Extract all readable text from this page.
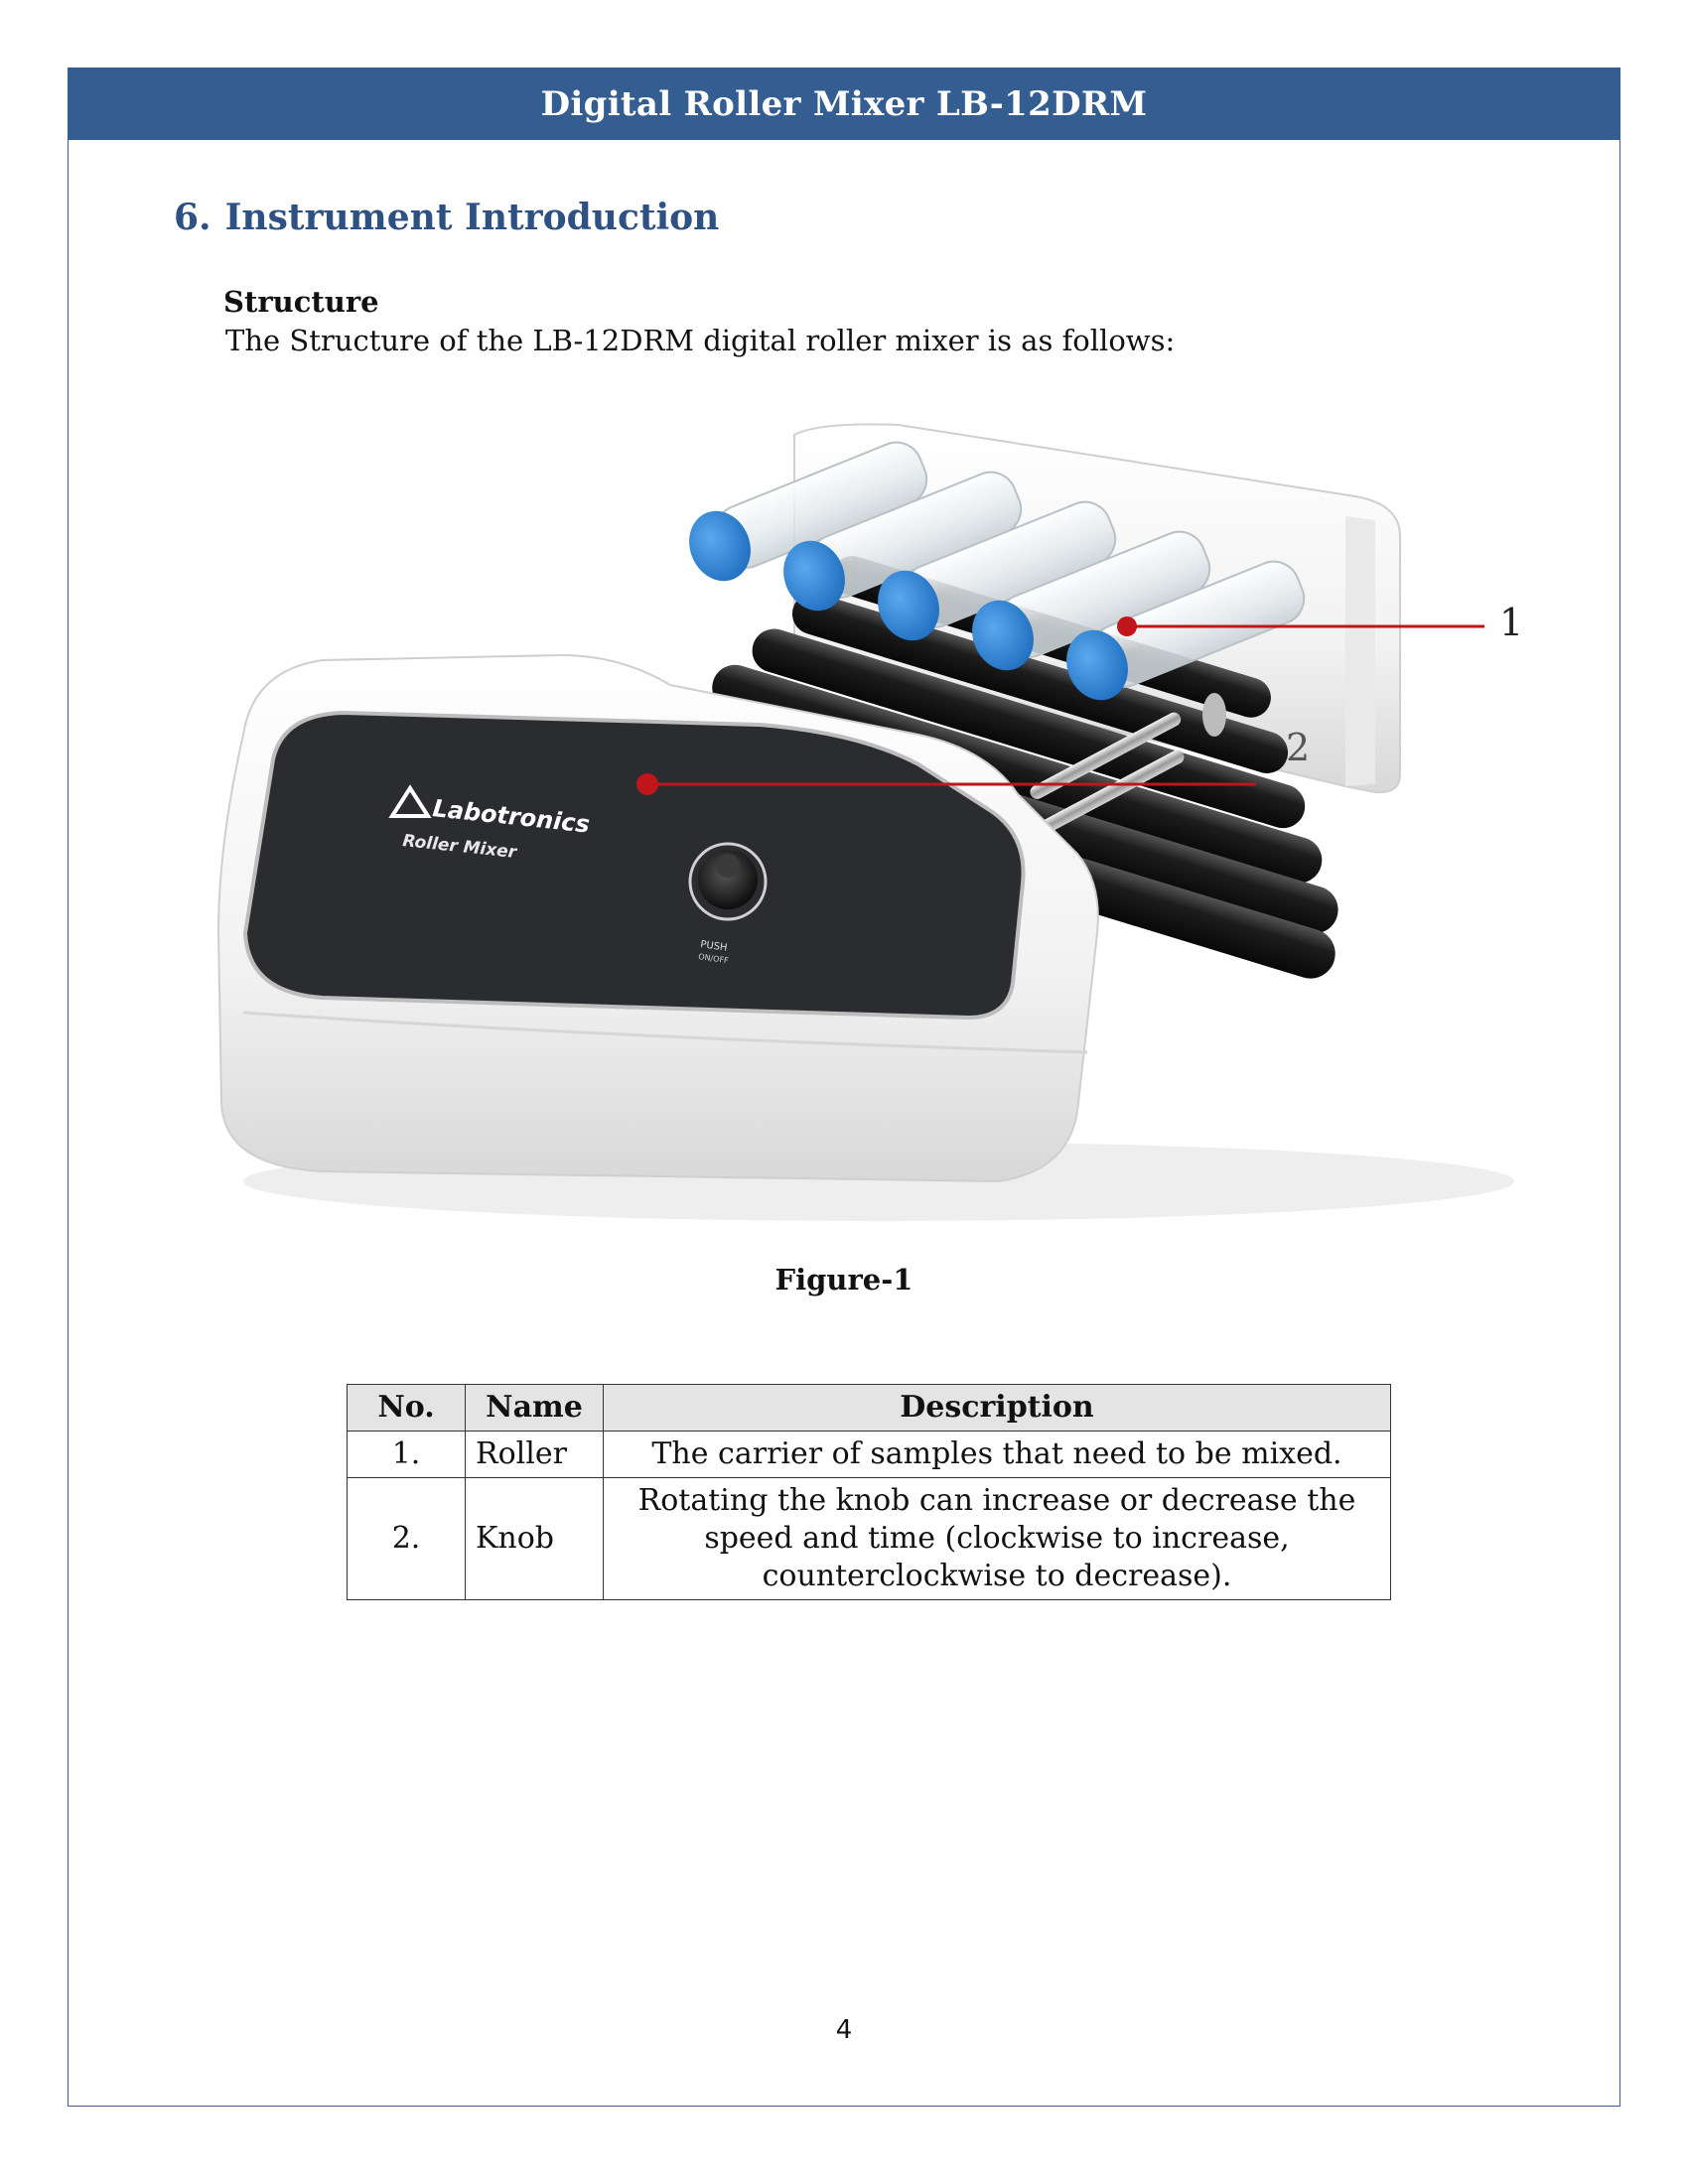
Digital Roller Mixer LB-12DRM
6. Instrument Introduction
Structure
The Structure of the LB-12DRM digital roller mixer is as follows:
Labotronics
Roller Mixer
PUSH
ON/OFF
1
2
Figure-1
No.	Name	Description
1.	Roller	The carrier of samples that need to be mixed.
2.	Knob	Rotating the knob can increase or decrease the speed and time (clockwise to increase, counterclockwise to decrease).
4
